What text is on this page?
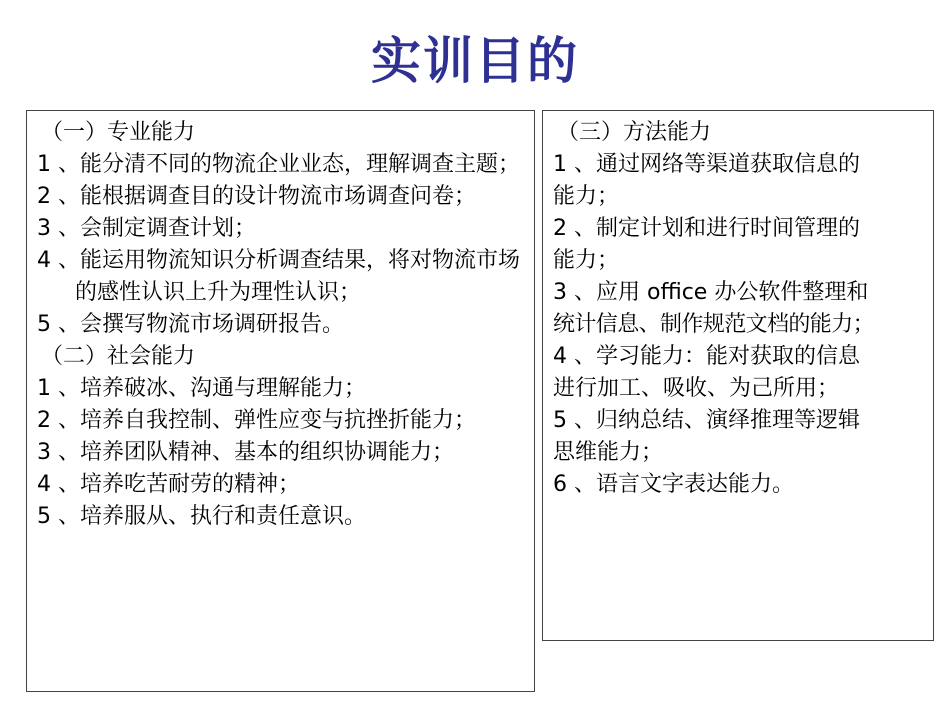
实训目的
（一）专业能力
1 、能分清不同的物流企业业态，理解调查主题；
2 、能根据调查目的设计物流市场调查问卷；
3 、会制定调查计划；
4 、能运用物流知识分析调查结果，将对物流市场的感性认识上升为理性认识；
5 、会撰写物流市场调研报告。
（二）社会能力
1 、培养破冰、沟通与理解能力；
2 、培养自我控制、弹性应变与抗挫折能力；
3 、培养团队精神、基本的组织协调能力；
4 、培养吃苦耐劳的精神；
5 、培养服从、执行和责任意识。
（三）方法能力
1 、通过网络等渠道获取信息的
能力；
2 、制定计划和进行时间管理的
能力；
3 、应用 office 办公软件整理和
统计信息、制作规范文档的能力；
4 、学习能力：能对获取的信息
进行加工、吸收、为己所用；
5 、归纳总结、演绎推理等逻辑
思维能力；
6 、语言文字表达能力。
